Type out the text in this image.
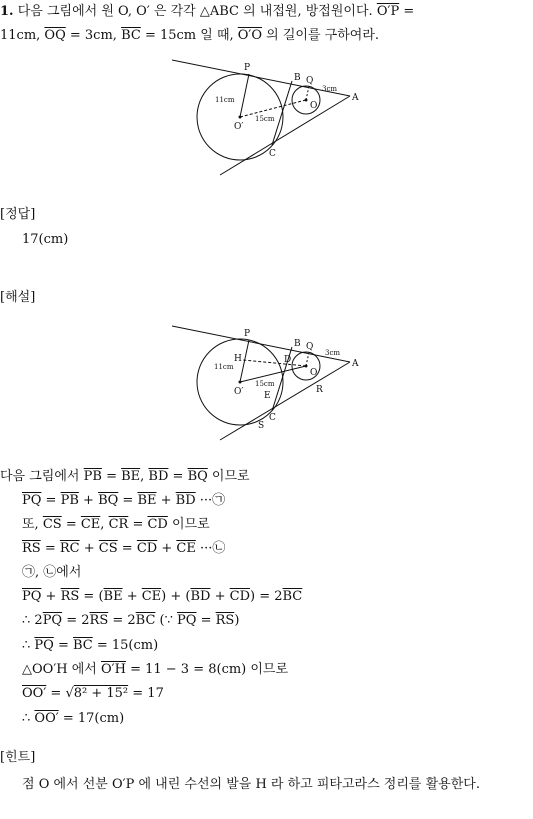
1. 다음 그림에서 원 O, O′ 은 각각 △ABC 의 내접원, 방접원이다. O′P =
11cm, $\overline{OQ} = 3cm$, $\overline{BC} = 15cm$ 일 때, O′O 의 길이를 구하여라.
P
B Q
3cm
A
O
11cm
O′
15cm
C
[정답]
17(cm)
[해설]
P
B Q
3cm
A
H	D
O
R
11cm
O′
15cm
E
C
S
다음 그림에서 $\overline{PB} = \overline{BE}$, $\overline{BD} = \overline{BQ}$ 이므로
$\overline{PQ} = \overline{PB} + \overline{BQ} = \overline{BE} + \overline{BD}$ ···㉠
또, $\overline{CS} = \overline{CE}$, $\overline{CR} = \overline{CD}$ 이므로
$\overline{RS} = \overline{RC} + \overline{CS} = \overline{CD} + \overline{CE}$ ···㉡
㉠, ㉡에서
$\overline{PQ} + \overline{RS} = (\overline{BE} + \overline{CE}) + (\overline{BD} + \overline{CD}) = 2\overline{BC}$
∴ $2\overline{PQ} = 2\overline{RS} = 2\overline{BC}$ (∵ $\overline{PQ} = \overline{RS}$)
∴ $\overline{PQ} = \overline{BC} = 15(cm)$
△OO′H 에서 O′H = 11 − 3 = 8(cm) 이므로
OO′ = √8² + 15² = 17
∴ OO′ = 17(cm)
[힌트]
점 O 에서 선분 O′P 에 내린 수선의 발을 H 라 하고 피타고라스 정리를 활용한다.
